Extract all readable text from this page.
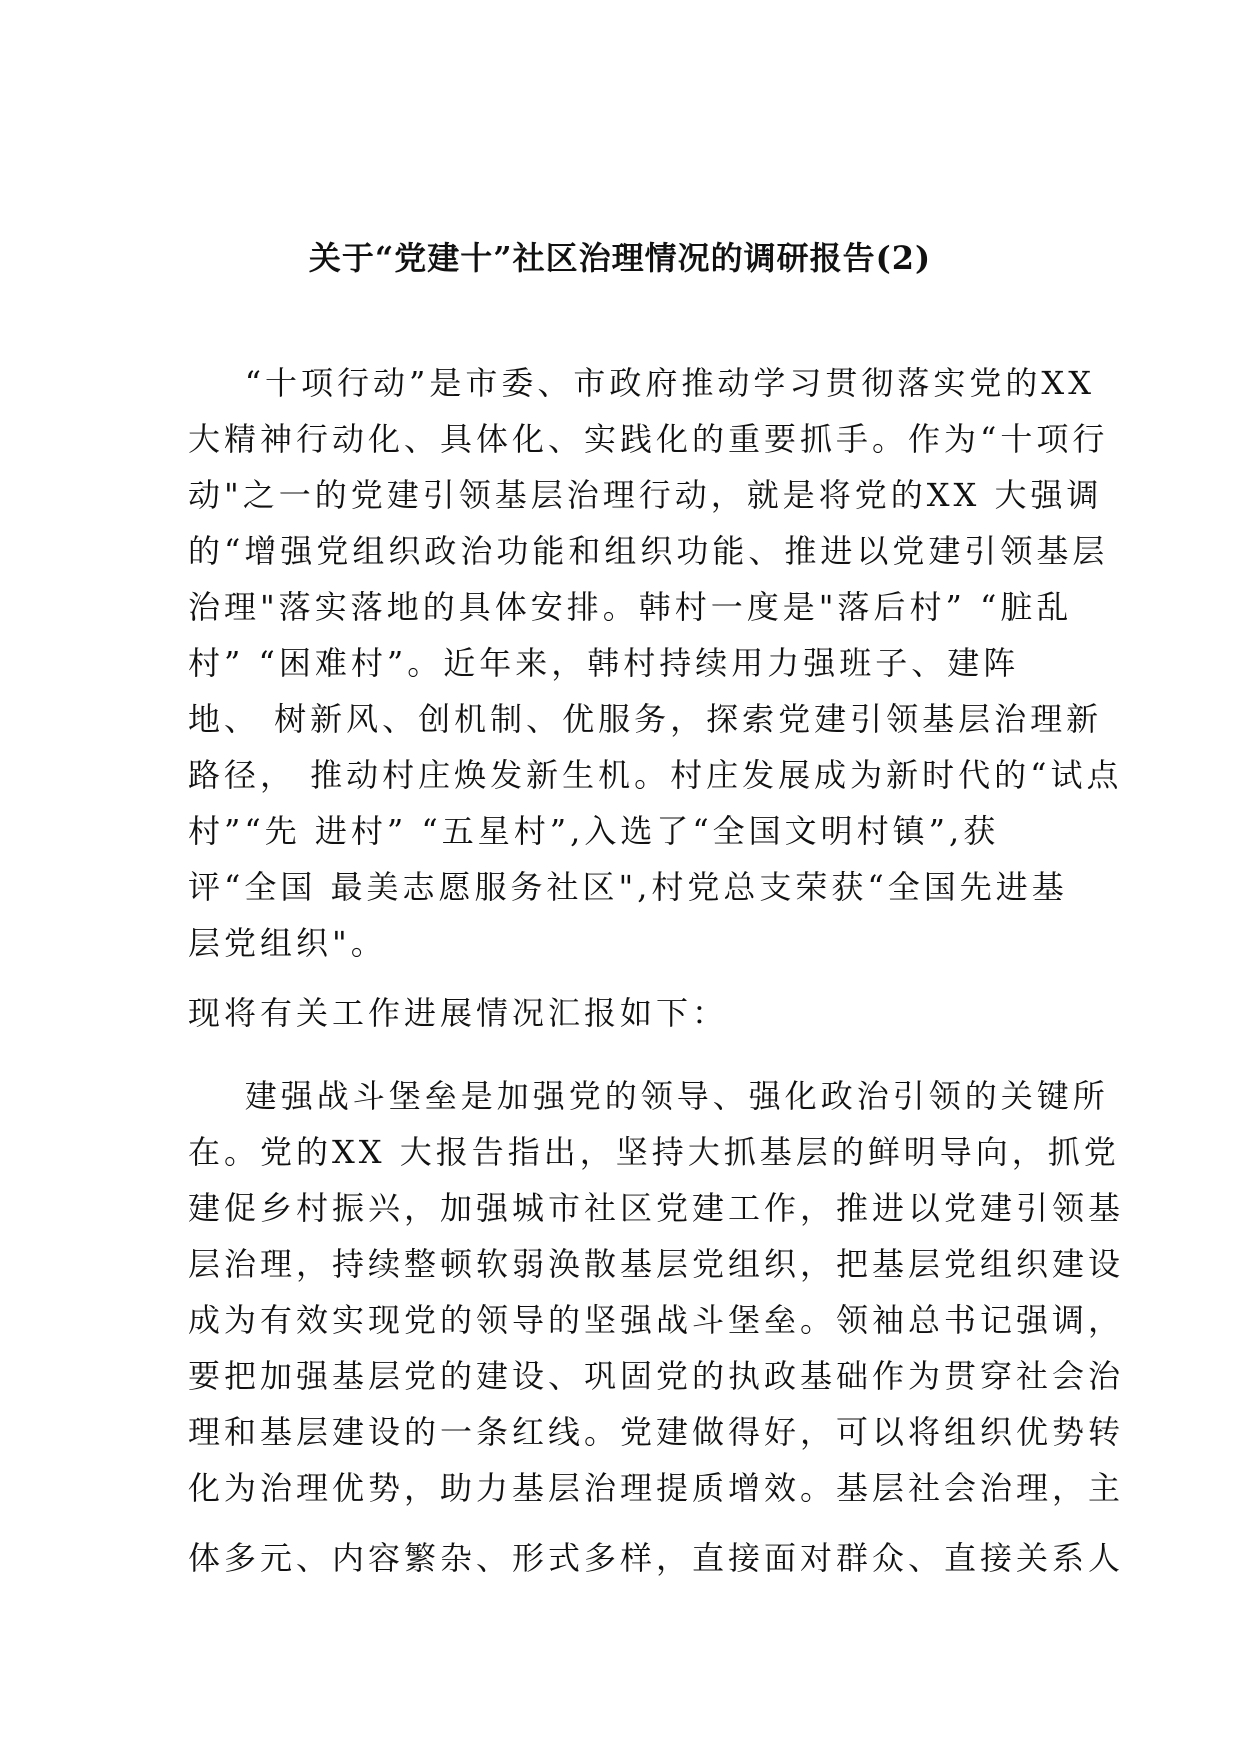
关于“党建十”社区治理情况的调研报告(2)
“十项行动”是市委、市政府推动学习贯彻落实党的XX
大精神行动化、具体化、实践化的重要抓手。作为“十项行
动"之一的党建引领基层治理行动，就是将党的XX 大强调
的“增强党组织政治功能和组织功能、推进以党建引领基层
治理"落实落地的具体安排。韩村一度是"落后村” “脏乱
村” “困难村”。近年来，韩村持续用力强班子、建阵
地、 树新风、创机制、优服务，探索党建引领基层治理新
路径， 推动村庄焕发新生机。村庄发展成为新时代的“试点
村”“先 进村” “五星村”,入选了“全国文明村镇”,获
评“全国 最美志愿服务社区",村党总支荣获“全国先进基
层党组织"。
现将有关工作进展情况汇报如下：
建强战斗堡垒是加强党的领导、强化政治引领的关键所
在。党的XX 大报告指出，坚持大抓基层的鲜明导向，抓党
建促乡村振兴，加强城市社区党建工作，推进以党建引领基
层治理，持续整顿软弱涣散基层党组织，把基层党组织建设
成为有效实现党的领导的坚强战斗堡垒。领袖总书记强调，
要把加强基层党的建设、巩固党的执政基础作为贯穿社会治
理和基层建设的一条红线。党建做得好，可以将组织优势转
化为治理优势，助力基层治理提质增效。基层社会治理，主
体多元、内容繁杂、形式多样，直接面对群众、直接关系人
